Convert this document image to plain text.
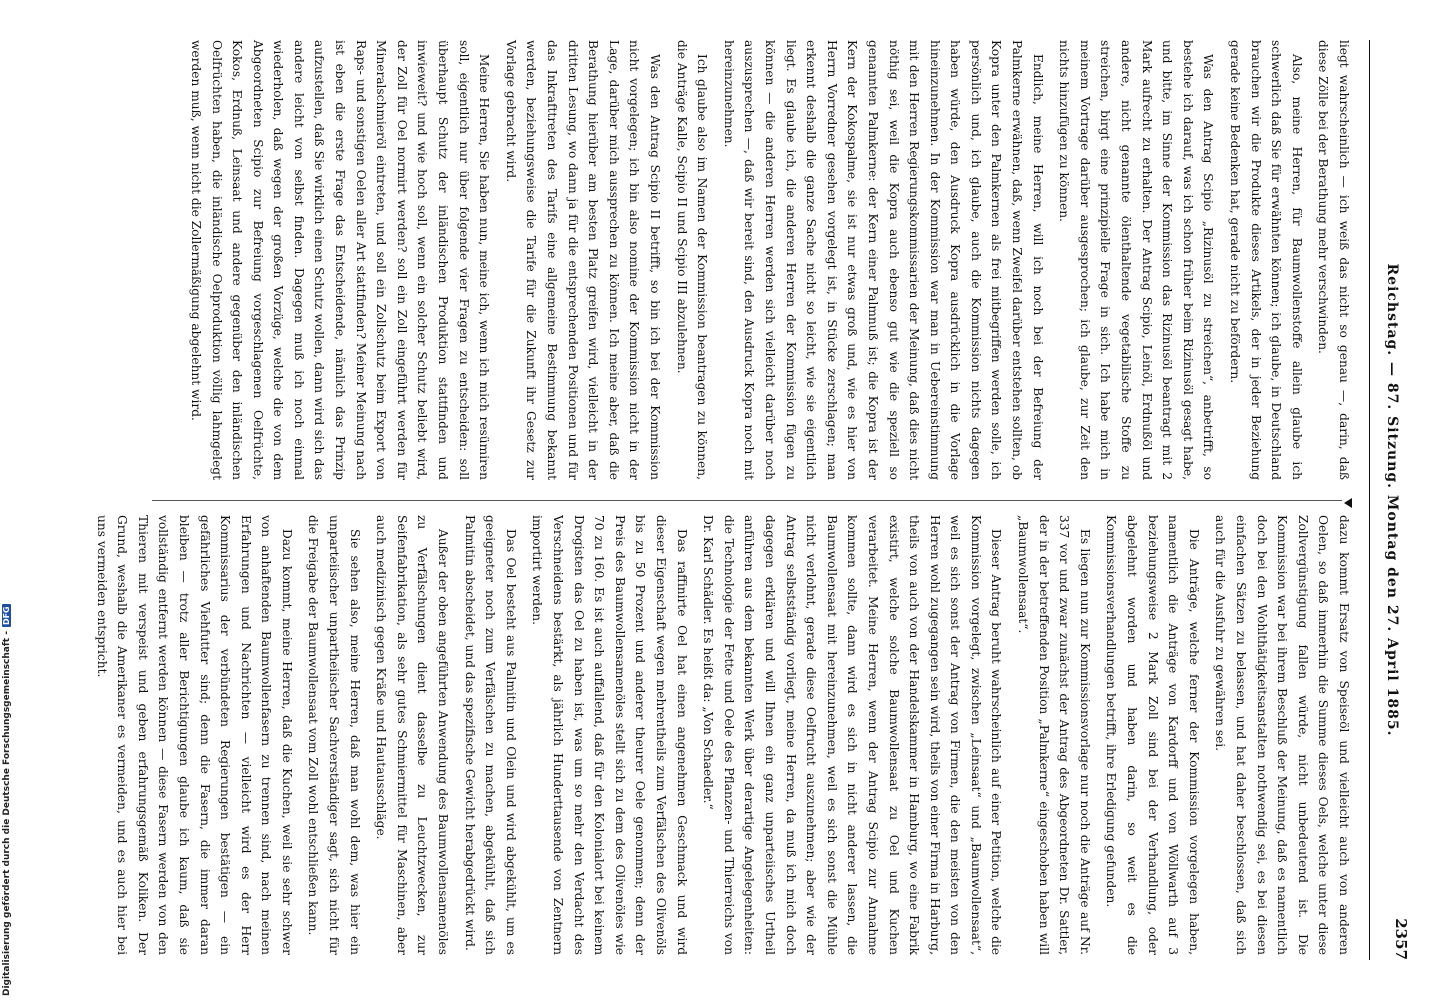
Reichstag. — 87. Sitzung. Montag den 27. April 1885.
2357

liegt wahrscheinlich — ich weiß das nicht so genau —, darin, daß diese Zölle bei der Berathung mehr verschwinden.

Also, meine Herren, für Baumwollenstoffe allein glaube ich schwerlich daß Sie für erwähnten können; ich glaube, in Deutschland brauchen wir die Produkte dieses Artikels, der in jeder Beziehung gerade keine Bedenken hat, gerade nicht zu befördern.

Was den Antrag Scipio „Rizinusöl zu streichen“, anbetrifft, so bestehe ich darauf, was ich schon früher beim Rizinusöl gesagt habe, und bitte, im Sinne der Kommission das Rizinusöl beantragt mit 2 Mark aufrecht zu erhalten. Der Antrag Scipio, Leinöl, Erdnußöl und andere, nicht genannte ölenthaltende vegetabilische Stoffe zu streichen, birgt eine prinzipielle Frage in sich. Ich habe mich in meinem Vortrage darüber ausgesprochen; ich glaube, zur Zeit den nichts hinzufügen zu können.

Endlich, meine Herren, will ich noch bei der Befreiung der Palmkerne erwähnen, daß, wenn Zweifel darüber entstehen sollten, ob Kopra unter den Palmkernen als frei mitbegriffen werden solle, ich persönlich und, ich glaube, auch die Kommission nichts dagegen haben würde, den Ausdruck Kopra ausdrücklich in die Vorlage hineinzunehmen. In der Kommission war man in Uebereinstimmung mit den Herren Regierungskommissarien der Meinung, daß dies nicht nöthig sei, weil die Kopra auch ebenso gut wie die speziell so genannten Palmkerne: der Kern einer Palmnuß ist; die Kopra ist der Kern der Kokospalme, sie ist nur etwas groß und, wie es hier von Herrn Vorredner gesehen vorgelegt ist, in Stücke zerschlagen; man erkennt deshalb die ganze Sache nicht so leicht, wie sie eigentlich liegt. Es glaube ich, die anderen Herren der Kommission fügen zu können — die anderen Herren werden sich vielleicht darüber noch auszusprechen —, daß wir bereit sind, den Ausdruck Kopra noch mit hereinzunehmen.

Ich glaube also im Namen der Kommission beantragen zu können, die Anträge Kalle, Scipio II und Scipio III abzulehnen.

Was den Antrag Scipio II betrifft, so bin ich bei der Kommission nicht vorgelegen; ich bin also nomine der Kommission nicht in der Lage, darüber mich aussprechen zu können. Ich meine aber, daß die Berathung hierüber am besten Platz greifen wird, vielleicht in der dritten Lesung, wo dann ja für die entsprechenden Positionen und für das Inkrafttreten des Tarifs eine allgemeine Bestimmung bekannt werden, beziehungsweise die Tarife für die Zukunft ihr Gesetz zur Vorlage gebracht wird.

Meine Herren, Sie haben nun, meine ich, wenn ich mich resümiren soll, eigentlich nur über folgende vier Fragen zu entscheiden: soll überhaupt Schutz der inländischen Produktion stattfinden und inwieweit? und wie hoch soll, wenn ein solcher Schutz beliebt wird, der Zoll für Oel normirt werden? soll ein Zoll eingeführt werden für Mineralschmieröl eintreten, und soll ein Zollschutz beim Export von Raps- und sonstigen Oelen aller Art stattfinden? Meiner Meinung nach ist eben die erste Frage das Entscheidende, nämlich das Prinzip aufzustellen, daß Sie wirklich einen Schutz wollen, dann wird sich das andere leicht von selbst finden. Dagegen muß ich noch einmal wiederholen, daß wegen der großen Vorzüge, welche die von dem Abgeordneten Scipio zur Befreiung vorgeschlagenen Oelfrüchte, Kokos, Erdnuß, Leinsaat und andere gegenüber den inländischen Oelfrüchten haben, die inländische Oelproduktion völlig lahmgelegt werden muß, wenn nicht die Zollermäßigung abgelehnt wird.

dazu kommt Ersatz von Speiseöl und vielleicht auch von anderen Oelen, so daß immerhin die Summe dieses Oels, welche unter diese Zollvergünstigung fallen würde, nicht unbedeutend ist. Die Kommission war bei ihrem Beschluß der Meinung, daß es namentlich doch bei den Wohlthätigkeitsanstalten nothwendig sei, es bei diesen einfachen Sätzen zu belassen, und hat daher beschlossen, daß sich auch für die Ausfuhr zu gewähren sei.

Die Anträge, welche ferner der Kommission vorgelegen haben, namentlich die Anträge von Kardorff und von Wöllwarth auf 3 beziehungsweise 2 Mark Zoll sind bei der Verhandlung, oder abgelehnt worden und haben darin, so weit es die Kommissionsverhandlungen betrifft, ihre Erledigung gefunden.

Es liegen nun zur Kommissionsvorlage nur noch die Anträge auf Nr. 337 vor und zwar zunächst der Antrag des Abgeordneten Dr. Sattler, der in der betreffenden Position „Palmkerne“ eingeschoben haben will „Baumwollensaat“.

Dieser Antrag beruht wahrscheinlich auf einer Petition, welche die Kommission vorgelegt, zwischen „Leinsaat“ und „Baumwollensaat“, weil es sich sonst der Antrag von Firmen, die den meisten von den Herren wohl zugegangen sein wird, theils von einer Firma in Harburg, theils von auch von der Handelskammer in Hamburg, wo eine Fabrik existirt, welche solche Baumwollensaat zu Oel und Kuchen verarbeitet. Meine Herren, wenn der Antrag Scipio zur Annahme kommen sollte, dann wird es sich in nicht anderer lassen, die Baumwollensaat mit hereinzunehmen, weil es sich sonst die Mühle nicht verlohnt, gerade diese Oelfrucht auszunehmen; aber wie der Antrag selbstständig vorliegt, meine Herren, da muß ich mich doch dagegen erklären und will Ihnen ein ganz unparteiisches Urtheil anführen aus dem bekannten Werk über derartige Angelegenheiten: die Technologie der Fette und Oele des Pflanzen- und Thierreichs von Dr. Karl Schädler. Es heißt da: „Von Schaedler.“

Das raffinirte Oel hat einen angenehmen Geschmack und wird dieser Eigenschaft wegen mehrentheils zum Verfälschen des Olivenöls bis zu 50 Prozent und anderer theurer Oele genommen; denn der Preis des Baumwollensamenöles stellt sich zu dem des Olivenöles wie 70 zu 160. Es ist auch auffallend, daß für den Kolonialort bei keinem Drogisten das Oel zu haben ist, was um so mehr den Verdacht des Verschneidens bestärkt, als jährlich Hunderttausende von Zentnern importirt werden.

Das Oel besteht aus Palmitin und Olein und wird abgekühlt, um es geeigneter noch zum Verfälschen zu machen, abgekühlt, daß sich Palmitin abscheidet, und das spezifische Gewicht herabgedrückt wird.

Außer der oben angeführten Anwendung des Baumwollensamenöles zu Verfälschungen dient dasselbe zu Leuchtzwecken, zur Seifenfabrikation, als sehr gutes Schmiermittel für Maschinen, aber auch medizinisch gegen Kräße und Hautausschläge.

Sie sehen also, meine Herren, daß man wohl dem, was hier ein unparteiischer unpartheiischer Sachverständiger sagt, sich nicht für die Freigabe der Baumwollensaat vom Zoll wohl entschließen kann.

Dazu kommt, meine Herren, daß die Kuchen, weil sie sehr schwer von anhaftenden Baumwollenfasern zu trennen sind, nach meinen Erfahrungen und Nachrichten — vielleicht wird es der Herr Kommissarius der verbündeten Regierungen bestätigen — ein gefährliches Viehfutter sind; denn die Fasern, die immer daran bleiben — trotz aller Berichtigungen glaube ich kaum, daß sie vollständig entfernt werden können — diese Fasern werden von den Thieren mit verspeist und geben erfahrungsgemäß Koliken. Der Grund, weshalb die Amerikaner es vermeiden, und es auch hier bei uns vermeiden entspricht.

Digitalisierung gefördert durch die Deutsche Forschungsgemeinschaft -DFG
